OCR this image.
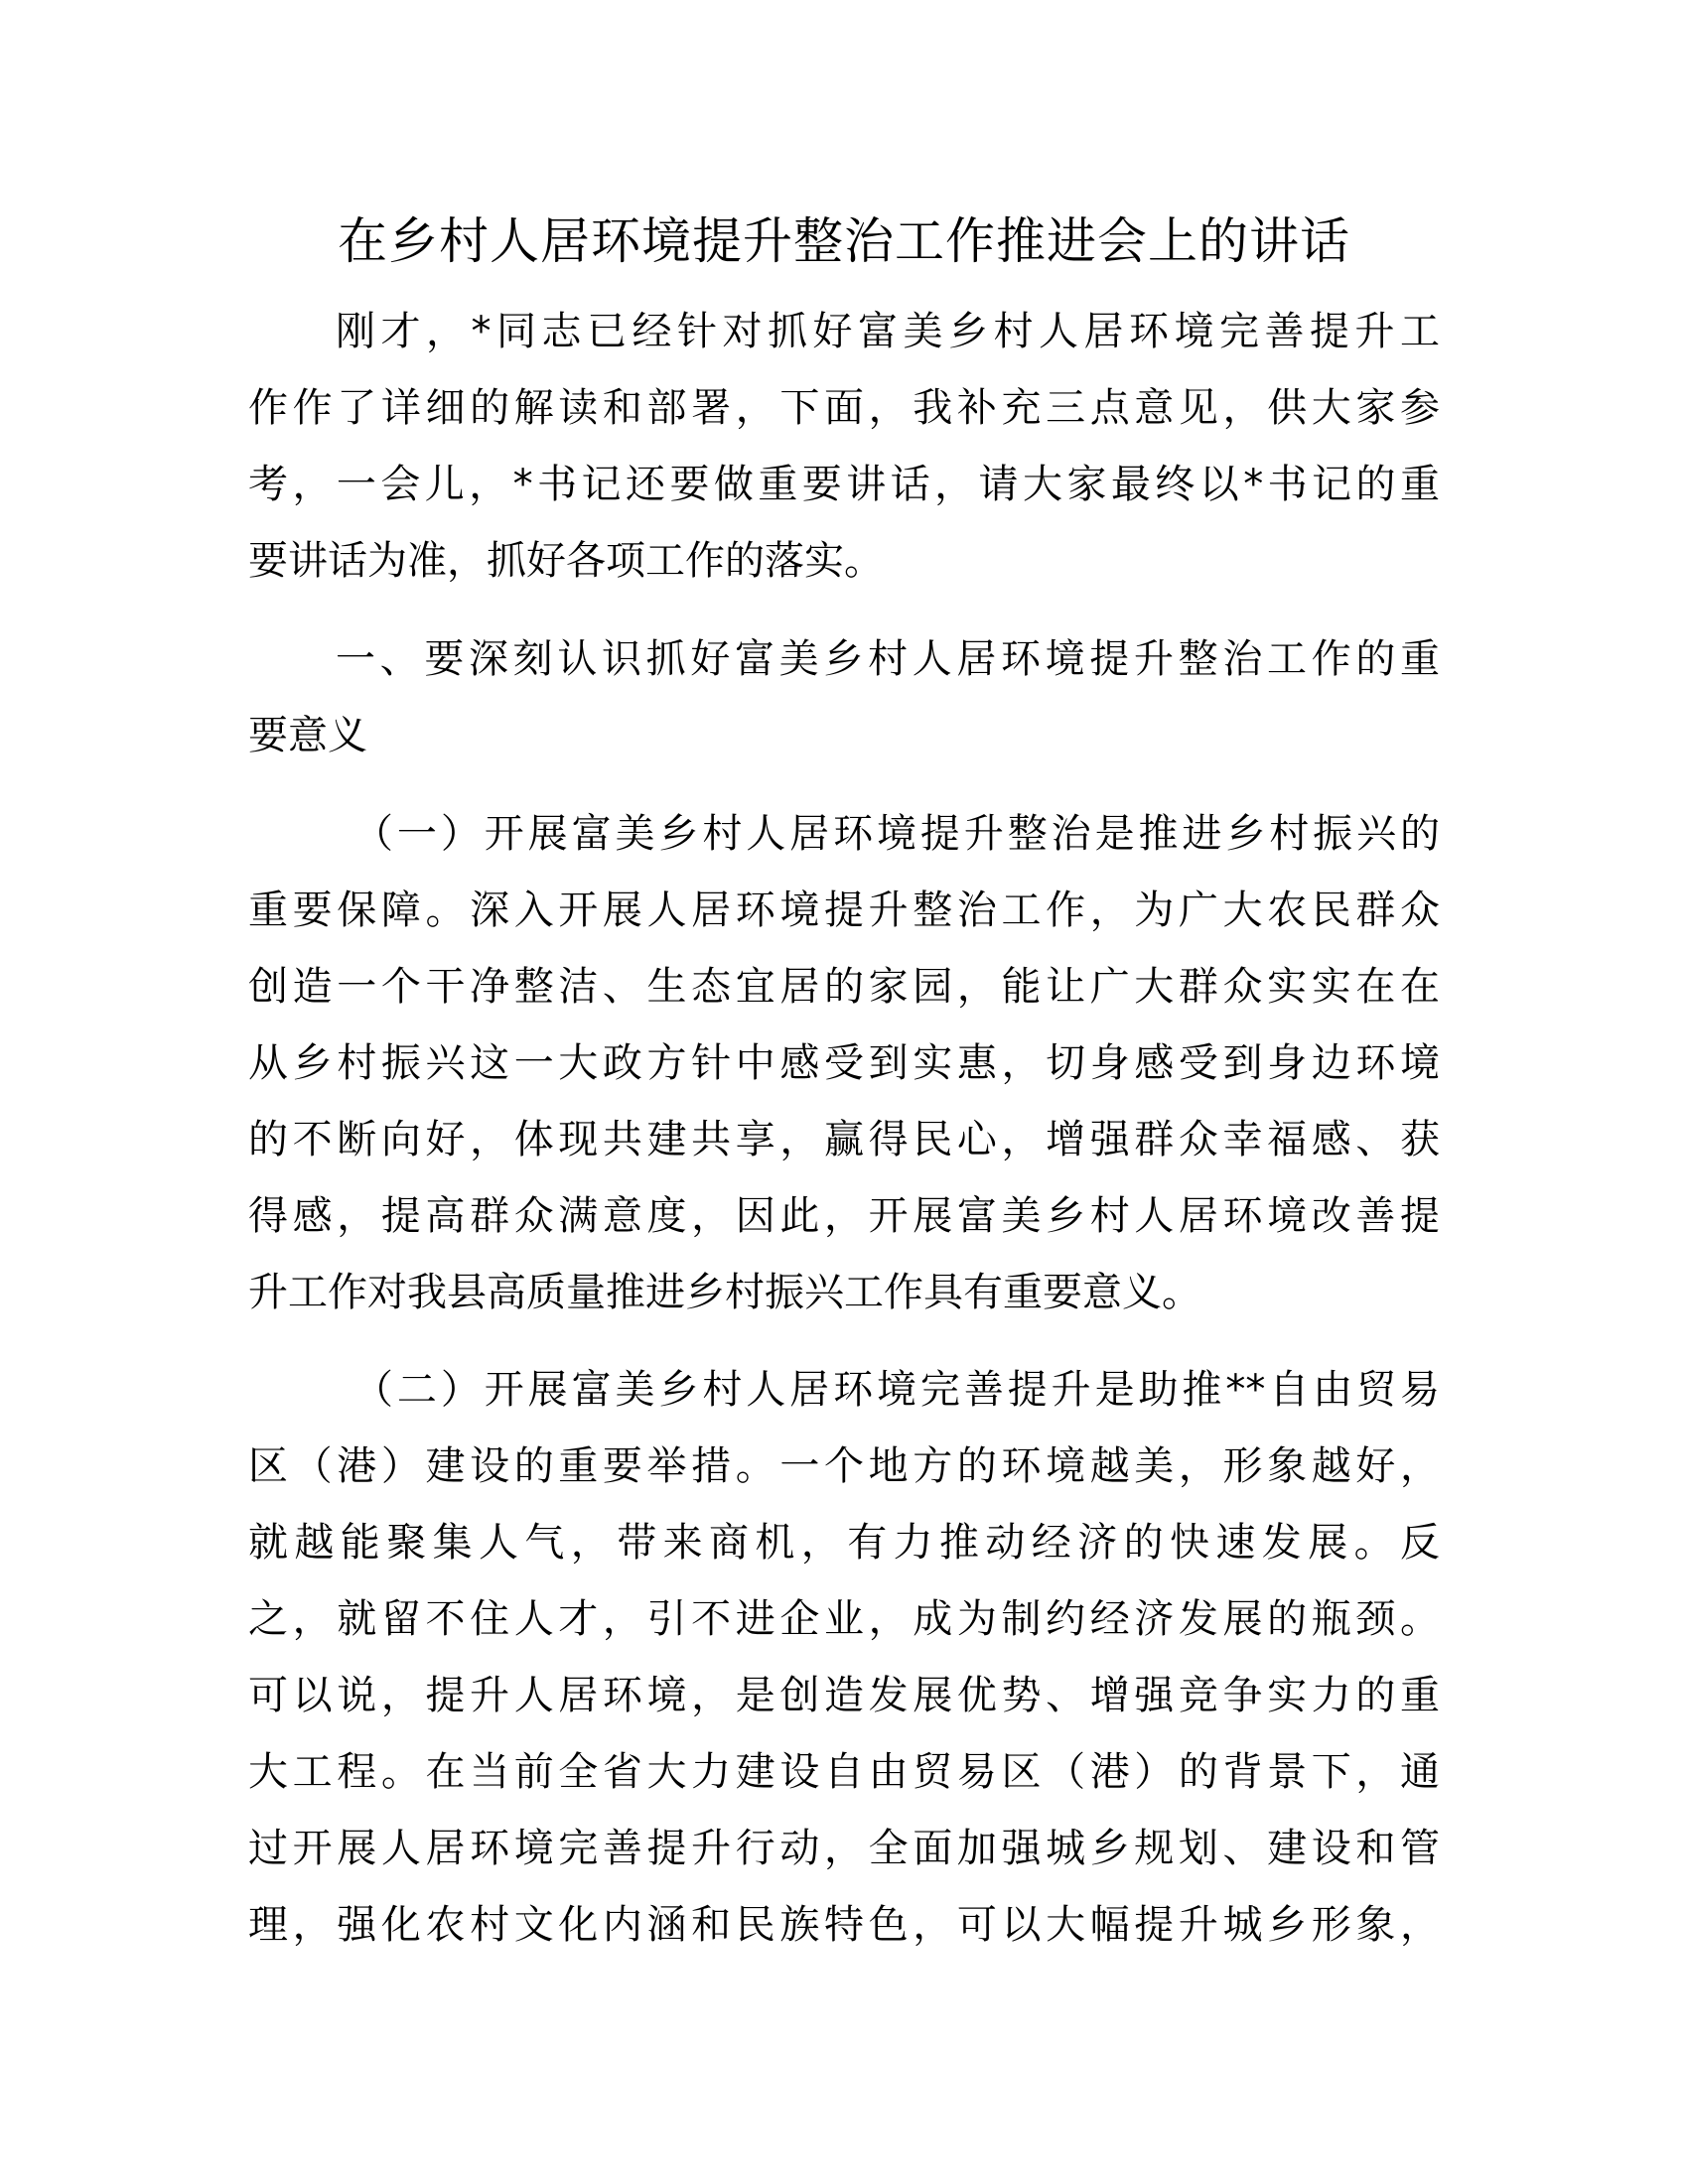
在乡村人居环境提升整治工作推进会上的讲话
刚才，*同志已经针对抓好富美乡村人居环境完善提升工
作作了详细的解读和部署，下面，我补充三点意见，供大家参
考，一会儿，*书记还要做重要讲话，请大家最终以*书记的重
要讲话为准，抓好各项工作的落实。
一、要深刻认识抓好富美乡村人居环境提升整治工作的重
要意义
（一）开展富美乡村人居环境提升整治是推进乡村振兴的
重要保障。深入开展人居环境提升整治工作，为广大农民群众
创造一个干净整洁、生态宜居的家园，能让广大群众实实在在
从乡村振兴这一大政方针中感受到实惠，切身感受到身边环境
的不断向好，体现共建共享，赢得民心，增强群众幸福感、获
得感，提高群众满意度，因此，开展富美乡村人居环境改善提
升工作对我县高质量推进乡村振兴工作具有重要意义。
（二）开展富美乡村人居环境完善提升是助推**自由贸易
区（港）建设的重要举措。一个地方的环境越美，形象越好，
就越能聚集人气，带来商机，有力推动经济的快速发展。反
之，就留不住人才，引不进企业，成为制约经济发展的瓶颈。
可以说，提升人居环境，是创造发展优势、增强竞争实力的重
大工程。在当前全省大力建设自由贸易区（港）的背景下，通
过开展人居环境完善提升行动，全面加强城乡规划、建设和管
理，强化农村文化内涵和民族特色，可以大幅提升城乡形象，
